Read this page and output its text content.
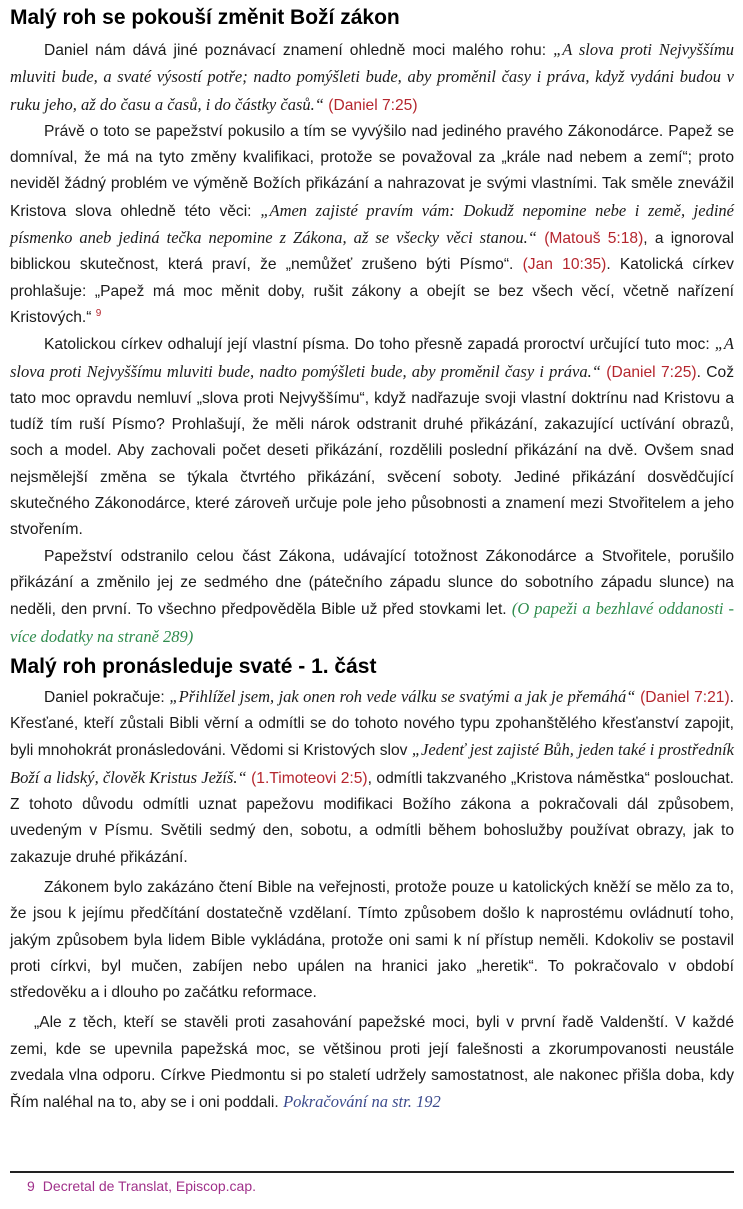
Malý roh se pokouší změnit Boží zákon

Daniel nám dává jiné poznávací znamení ohledně moci malého rohu: „A slova proti Nejvyššímu mluviti bude, a svaté výsostí potře; nadto pomýšleti bude, aby proměnil časy i práva, když vydáni budou v ruku jeho, až do času a časů, i do částky časů.“ (Daniel 7:25)

Právě o toto se papežství pokusilo a tím se vyvýšilo nad jediného pravého Zákonodárce. Papež se domníval, že má na tyto změny kvalifikaci, protože se považoval za „krále nad nebem a zemí“; proto neviděl žádný problém ve výměně Božích přikázání a nahrazovat je svými vlastními. Tak směle znevážil Kristova slova ohledně této věci: „Amen zajisté pravím vám: Dokudž nepomine nebe i země, jediné písmenko aneb jediná tečka nepomine z Zákona, až se všecky věci stanou.“ (Matouš 5:18), a ignoroval biblickou skutečnost, která praví, že „nemůžeť zrušeno býti Písmo“. (Jan 10:35). Katolická církev prohlašuje: „Papež má moc měnit doby, rušit zákony a obejít se bez všech věcí, včetně nařízení Kristových.“ $^9$

Katolickou církev odhalují její vlastní písma. Do toho přesně zapadá proroctví určující tuto moc: „A slova proti Nejvyššímu mluviti bude, nadto pomýšleti bude, aby proměnil časy i práva.“ (Daniel 7:25). Což tato moc opravdu nemluví „slova proti Nejvyššímu“, když nadřazuje svoji vlastní doktrínu nad Kristovu a tudíž tím ruší Písmo? Prohlašují, že měli nárok odstranit druhé přikázání, zakazující uctívání obrazů, soch a model. Aby zachovali počet deseti přikázání, rozdělili poslední přikázání na dvě. Ovšem snad nejsmělejší změna se týkala čtvrtého přikázání, svěcení soboty. Jediné přikázání dosvědčující skutečného Zákonodárce, které zároveň určuje pole jeho působnosti a znamení mezi Stvořitelem a jeho stvořením.

Papežství odstranilo celou část Zákona, udávající totožnost Zákonodárce a Stvořitele, porušilo přikázání a změnilo jej ze sedmého dne (pátečního západu slunce do sobotního západu slunce) na neděli, den první. To všechno předpověděla Bible už před stovkami let. (O papeži a bezhlavé oddanosti - více dodatky na straně 289)

Malý roh pronásleduje svaté - 1. část

Daniel pokračuje: „Přihlížel jsem, jak onen roh vede válku se svatými a jak je přemáhá“ (Daniel 7:21). Křesťané, kteří zůstali Bibli věrní a odmítli se do tohoto nového typu zpohanštělého křesťanství zapojit, byli mnohokrát pronásledováni. Vědomi si Kristových slov „Jedenť jest zajisté Bůh, jeden také i prostředník Boží a lidský, člověk Kristus Ježíš.“ (1.Timoteovi 2:5), odmítli takzvaného „Kristova náměstka“ poslouchat. Z tohoto důvodu odmítli uznat papežovu modifikaci Božího zákona a pokračovali dál způsobem, uvedeným v Písmu. Světili sedmý den, sobotu, a odmítli během bohoslužby používat obrazy, jak to zakazuje druhé přikázání.

Zákonem bylo zakázáno čtení Bible na veřejnosti, protože pouze u katolických kněží se mělo za to, že jsou k jejímu předčítání dostatečně vzdělaní. Tímto způsobem došlo k naprostému ovládnutí toho, jakým způsobem byla lidem Bible vykládána, protože oni sami k ní přístup neměli. Kdokoliv se postavil proti církvi, byl mučen, zabíjen nebo upálen na hranici jako „heretik“. To pokračovalo v období středověku a i dlouho po začátku reformace.

„Ale z těch, kteří se stavěli proti zasahování papežské moci, byli v první řadě Valdenští. V každé zemi, kde se upevnila papežská moc, se většinou proti její falešnosti a zkorumpovanosti neustále zvedala vlna odporu. Církve Piedmontu si po staletí udržely samostatnost, ale nakonec přišla doba, kdy Řím naléhal na to, aby se i oni poddali. Pokračování na str. 192

9 Decretal de Translat, Episcop.cap.
